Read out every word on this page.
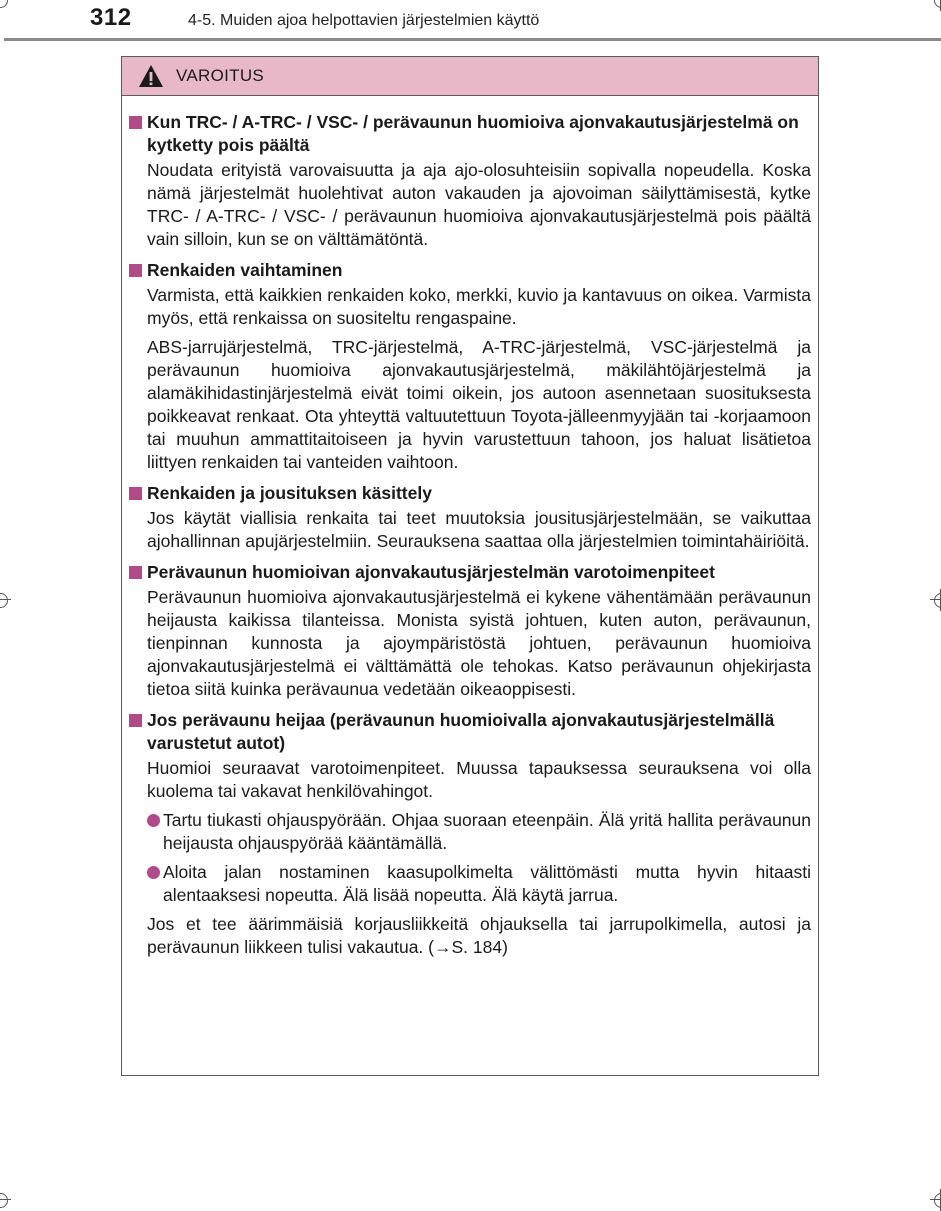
312	4-5. Muiden ajoa helpottavien järjestelmien käyttö
VAROITUS
Kun TRC- / A-TRC- / VSC- / perävaunun huomioiva ajonvakautusjärjestelmä on kytketty pois päältä
Noudata erityistä varovaisuutta ja aja ajo-olosuhteisiin sopivalla nopeudella. Koska nämä järjestelmät huolehtivat auton vakauden ja ajovoiman säilyttämisestä, kytke TRC- / A-TRC- / VSC- / perävaunun huomioiva ajonvakautusjärjestelmä pois päältä vain silloin, kun se on välttämätöntä.
Renkaiden vaihtaminen
Varmista, että kaikkien renkaiden koko, merkki, kuvio ja kantavuus on oikea. Varmista myös, että renkaissa on suositeltu rengaspaine.
ABS-jarrujärjestelmä, TRC-järjestelmä, A-TRC-järjestelmä, VSC-järjestelmä ja perävaunun huomioiva ajonvakautusjärjestelmä, mäkilähtöjärjestelmä ja alamäkihidastinjärjestelmä eivät toimi oikein, jos autoon asennetaan suosituksesta poikkeavat renkaat. Ota yhteyttä valtuutettuun Toyota-jälleenmyyjään tai -korjaamoon tai muuhun ammattitaitoiseen ja hyvin varustettuun tahoon, jos haluat lisätietoa liittyen renkaiden tai vanteiden vaihtoon.
Renkaiden ja jousituksen käsittely
Jos käytät viallisia renkaita tai teet muutoksia jousitusjärjestelmään, se vaikuttaa ajohallinnan apujärjestelmiin. Seurauksena saattaa olla järjestelmien toimintahäiriöitä.
Perävaunun huomioivan ajonvakautusjärjestelmän varotoimenpiteet
Perävaunun huomioiva ajonvakautusjärjestelmä ei kykene vähentämään perävaunun heijausta kaikissa tilanteissa. Monista syistä johtuen, kuten auton, perävaunun, tienpinnan kunnosta ja ajoympäristöstä johtuen, perävaunun huomioiva ajonvakautusjärjestelmä ei välttämättä ole tehokas. Katso perävaunun ohjekirjasta tietoa siitä kuinka perävaunua vedetään oikeaoppisesti.
Jos perävaunu heijaa (perävaunun huomioivalla ajonvakautusjärjestelmällä varustetut autot)
Huomioi seuraavat varotoimenpiteet. Muussa tapauksessa seurauksena voi olla kuolema tai vakavat henkilövahingot.
Tartu tiukasti ohjauspyörään. Ohjaa suoraan eteenpäin. Älä yritä hallita perävaunun heijausta ohjauspyörää kääntämällä.
Aloita jalan nostaminen kaasupolkimelta välittömästi mutta hyvin hitaasti alentaaksesi nopeutta. Älä lisää nopeutta. Älä käytä jarrua.
Jos et tee äärimmäisiä korjausliikkeitä ohjauksella tai jarrupolkimella, autosi ja perävaunun liikkeen tulisi vakautua. (→S. 184)
